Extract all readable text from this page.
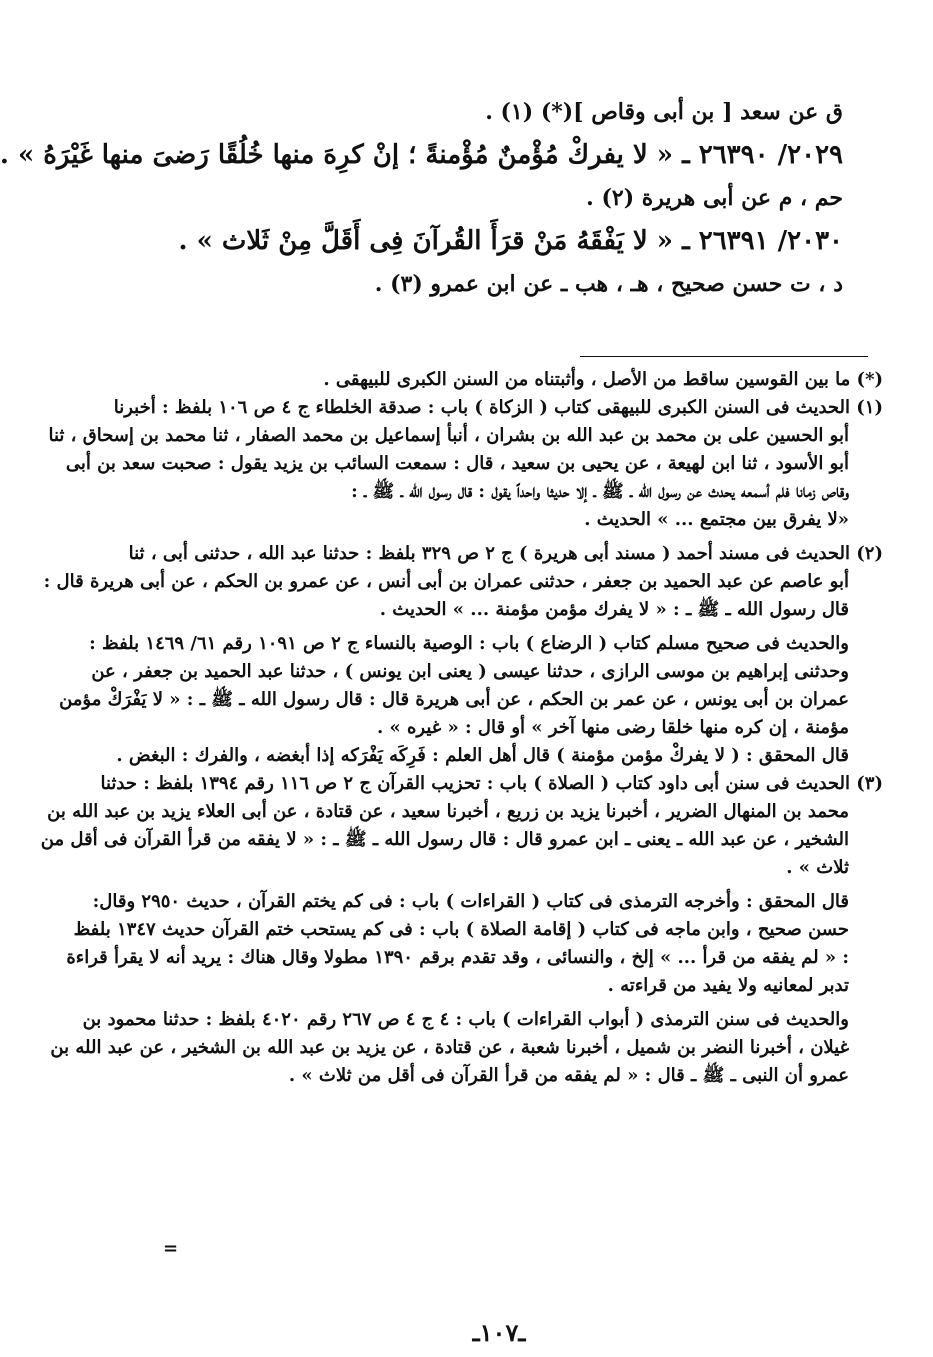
ق عن سعد [ بن أبى وقاص ](*) (١) .
٢٠٢٩/ ٢٦٣٩٠ ـ « لا يفركْ مُؤْمنٌ مُؤْمنةً ؛ إنْ كرِهَ منها خُلُقًا رَضىَ منها غَيْرَهُ » .
حم ، م عن أبى هريرة (٢) .
٢٠٣٠/ ٢٦٣٩١ ـ « لا يَفْقَهُ مَنْ قرَأَ القُرآنَ فِى أَقَلَّ مِنْ ثَلاث » .
د ، ت حسن صحيح ، هـ ، هب ـ عن ابن عمرو (٣) .
(*) ما بين القوسين ساقط من الأصل ، وأثبتناه من السنن الكبرى للبيهقى .
(١) الحديث فى السنن الكبرى للبيهقى كتاب ( الزكاة ) باب : صدقة الخلطاء ج ٤ ص ١٠٦ بلفظ : أخبرنا
أبو الحسين على بن محمد بن عبد الله بن بشران ، أنبأ إسماعيل بن محمد الصفار ، ثنا محمد بن إسحاق ، ثنا
أبو الأسود ، ثنا ابن لهيعة ، عن يحيى بن سعيد ، قال : سمعت السائب بن يزيد يقول : صحبت سعد بن أبى
وقاص زمانا فلم أسمعه يحدث عن رسول الله ـ ﷺ ـ إلا حديثا واحداً يقول : قال رسول الله ـ ﷺ ـ :
«لا يفرق بين مجتمع ... » الحديث .
(٢) الحديث فى مسند أحمد ( مسند أبى هريرة ) ج ٢ ص ٣٢٩ بلفظ : حدثنا عبد الله ، حدثنى أبى ، ثنا
أبو عاصم عن عبد الحميد بن جعفر ، حدثنى عمران بن أبى أنس ، عن عمرو بن الحكم ، عن أبى هريرة قال :
قال رسول الله ـ ﷺ ـ : « لا يفرك مؤمن مؤمنة ... » الحديث .
والحديث فى صحيح مسلم كتاب ( الرضاع ) باب : الوصية بالنساء ج ٢ ص ١٠٩١ رقم ٦١/ ١٤٦٩ بلفظ :
وحدثنى إبراهيم بن موسى الرازى ، حدثنا عيسى ( يعنى ابن يونس ) ، حدثنا عبد الحميد بن جعفر ، عن
عمران بن أبى يونس ، عن عمر بن الحكم ، عن أبى هريرة قال : قال رسول الله ـ ﷺ ـ : « لا يَفْرَكْ مؤمن
مؤمنة ، إن كره منها خلقا رضى منها آخر » أو قال : « غيره » .
قال المحقق : ( لا يفركْ مؤمن مؤمنة ) قال أهل العلم : فَرِكَه يَفْرَكه إذا أبغضه ، والفرك : البغض .
(٣) الحديث فى سنن أبى داود كتاب ( الصلاة ) باب : تحزيب القرآن ج ٢ ص ١١٦ رقم ١٣٩٤ بلفظ : حدثنا
محمد بن المنهال الضرير ، أخبرنا يزيد بن زريع ، أخبرنا سعيد ، عن قتادة ، عن أبى العلاء يزيد بن عبد الله بن
الشخير ، عن عبد الله ـ يعنى ـ ابن عمرو قال : قال رسول الله ـ ﷺ ـ : « لا يفقه من قرأ القرآن فى أقل من
ثلاث » .
قال المحقق : وأخرجه الترمذى فى كتاب ( القراءات ) باب : فى كم يختم القرآن ، حديث ٢٩٥٠ وقال:
حسن صحيح ، وابن ماجه فى كتاب ( إقامة الصلاة ) باب : فى كم يستحب ختم القرآن حديث ١٣٤٧ بلفظ
: « لم يفقه من قرأ ... » إلخ ، والنسائى ، وقد تقدم برقم ١٣٩٠ مطولا وقال هناك : يريد أنه لا يقرأ قراءة
تدبر لمعانيه ولا يفيد من قراءته .
والحديث فى سنن الترمذى ( أبواب القراءات ) باب : ٤ ج ٤ ص ٢٦٧ رقم ٤٠٢٠ بلفظ : حدثنا محمود بن
غيلان ، أخبرنا النضر بن شميل ، أخبرنا شعبة ، عن قتادة ، عن يزيد بن عبد الله بن الشخير ، عن عبد الله بن
عمرو أن النبى ـ ﷺ ـ قال : « لم يفقه من قرأ القرآن فى أقل من ثلاث » .
=
ـ١٠٧ـ
